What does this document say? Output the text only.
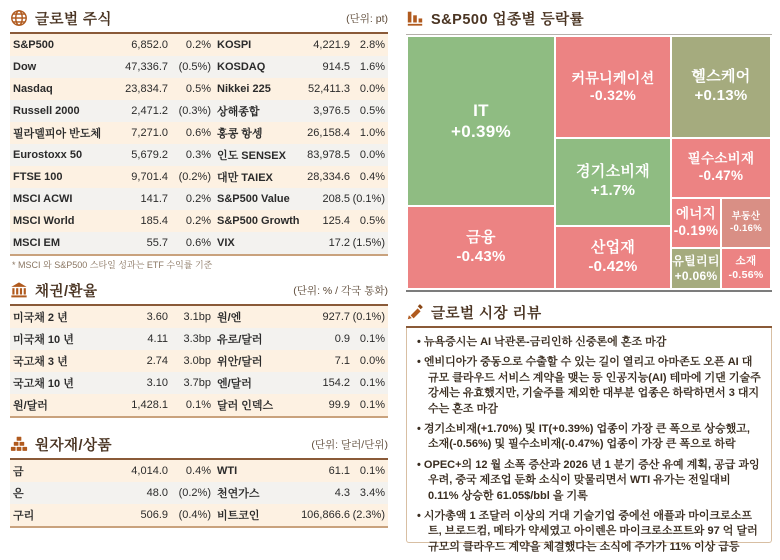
글로벌 주식	(단위: pt)
S&P500	6,852.0	0.2% KOSPI	4,221.9 2.8%
Dow	47,336.7 (0.5%) KOSDAQ	914.5 1.6%
Nasdaq	23,834.7	0.5% Nikkei 225	52,411.3 0.0%
Russell 2000	2,471.2 (0.3%) 상해종합	3,976.5 0.5%
필라델피아 반도체	7,271.0	0.6% 홍콩 항셍	26,158.4 1.0%
Eurostoxx 50	5,679.2	0.3% 인도 SENSEX	83,978.5 0.0%
FTSE 100	9,701.4 (0.2%) 대만 TAIEX	28,334.6 0.4%
MSCI ACWI	141.7	0.2% S&P500 Value	208.5 (0.1%)
MSCI World	185.4	0.2% S&P500 Growth	125.4 0.5%
MSCI EM	55.7	0.6% VIX	17.2 (1.5%)
* MSCI 와 S&P500 스타일 성과는 ETF 수익률 기준
채권/환율	(단위: % / 각국 통화)
미국채 2 년	3.60	3.1bp 원/엔	927.7 (0.1%)
미국채 10 년	4.11	3.3bp 유로/달러	0.9 0.1%
국고채 3 년	2.74	3.0bp 위안/달러	7.1 0.0%
국고채 10 년	3.10	3.7bp 엔/달러	154.2 0.1%
원/달러	1,428.1	0.1% 달러 인덱스	99.9 0.1%
원자재/상품	(단위: 달러/단위)
금	4,014.0	0.4% WTI	61.1 0.1%
은	48.0 (0.2%) 천연가스	4.3 3.4%
구리	506.9 (0.4%) 비트코인	106,866.6 (2.3%)
S&P500 업종별 등락률
IT
+0.39%
커뮤니케이션
-0.32%
헬스케어
+0.13%
경기소비재
+1.7%
금융
-0.43%
산업재
-0.42%
필수소비재
-0.47%
에너지
-0.19%
부동산
-0.16%
유틸리티
+0.06%
소재
-0.56%
글로벌 시장 리뷰
• 뉴욕증시는 AI 낙관론-금리인하 신중론에 혼조 마감
• 엔비디아가 중동으로 수출할 수 있는 길이 열리고 아마존도 오픈 AI 대규모 클라우드 서비스 계약을 맺는 등 인공지능(AI) 테마에 기댄 기술주 강세는 유효했지만, 기술주를 제외한 대부분 업종은 하락하면서 3 대지수는 혼조 마감
• 경기소비재(+1.70%) 및 IT(+0.39%) 업종이 가장 큰 폭으로 상승했고, 소재(-0.56%) 및 필수소비재(-0.47%) 업종이 가장 큰 폭으로 하락
• OPEC+의 12 월 소폭 증산과 2026 년 1 분기 증산 유예 계획, 공급 과잉 우려, 중국 제조업 둔화 소식이 맞물리면서 WTI 유가는 전일대비 0.11% 상승한 61.05$/bbl 을 기록
• 시가총액 1 조달러 이상의 거대 기술기업 중에선 애플과 마이크로소프트, 브로드컴, 메타가 약세였고 아이렌은 마이크로소프트와 97 억 달러 규모의 클라우드 계약을 체결했다는 소식에 주가가 11% 이상 급등
